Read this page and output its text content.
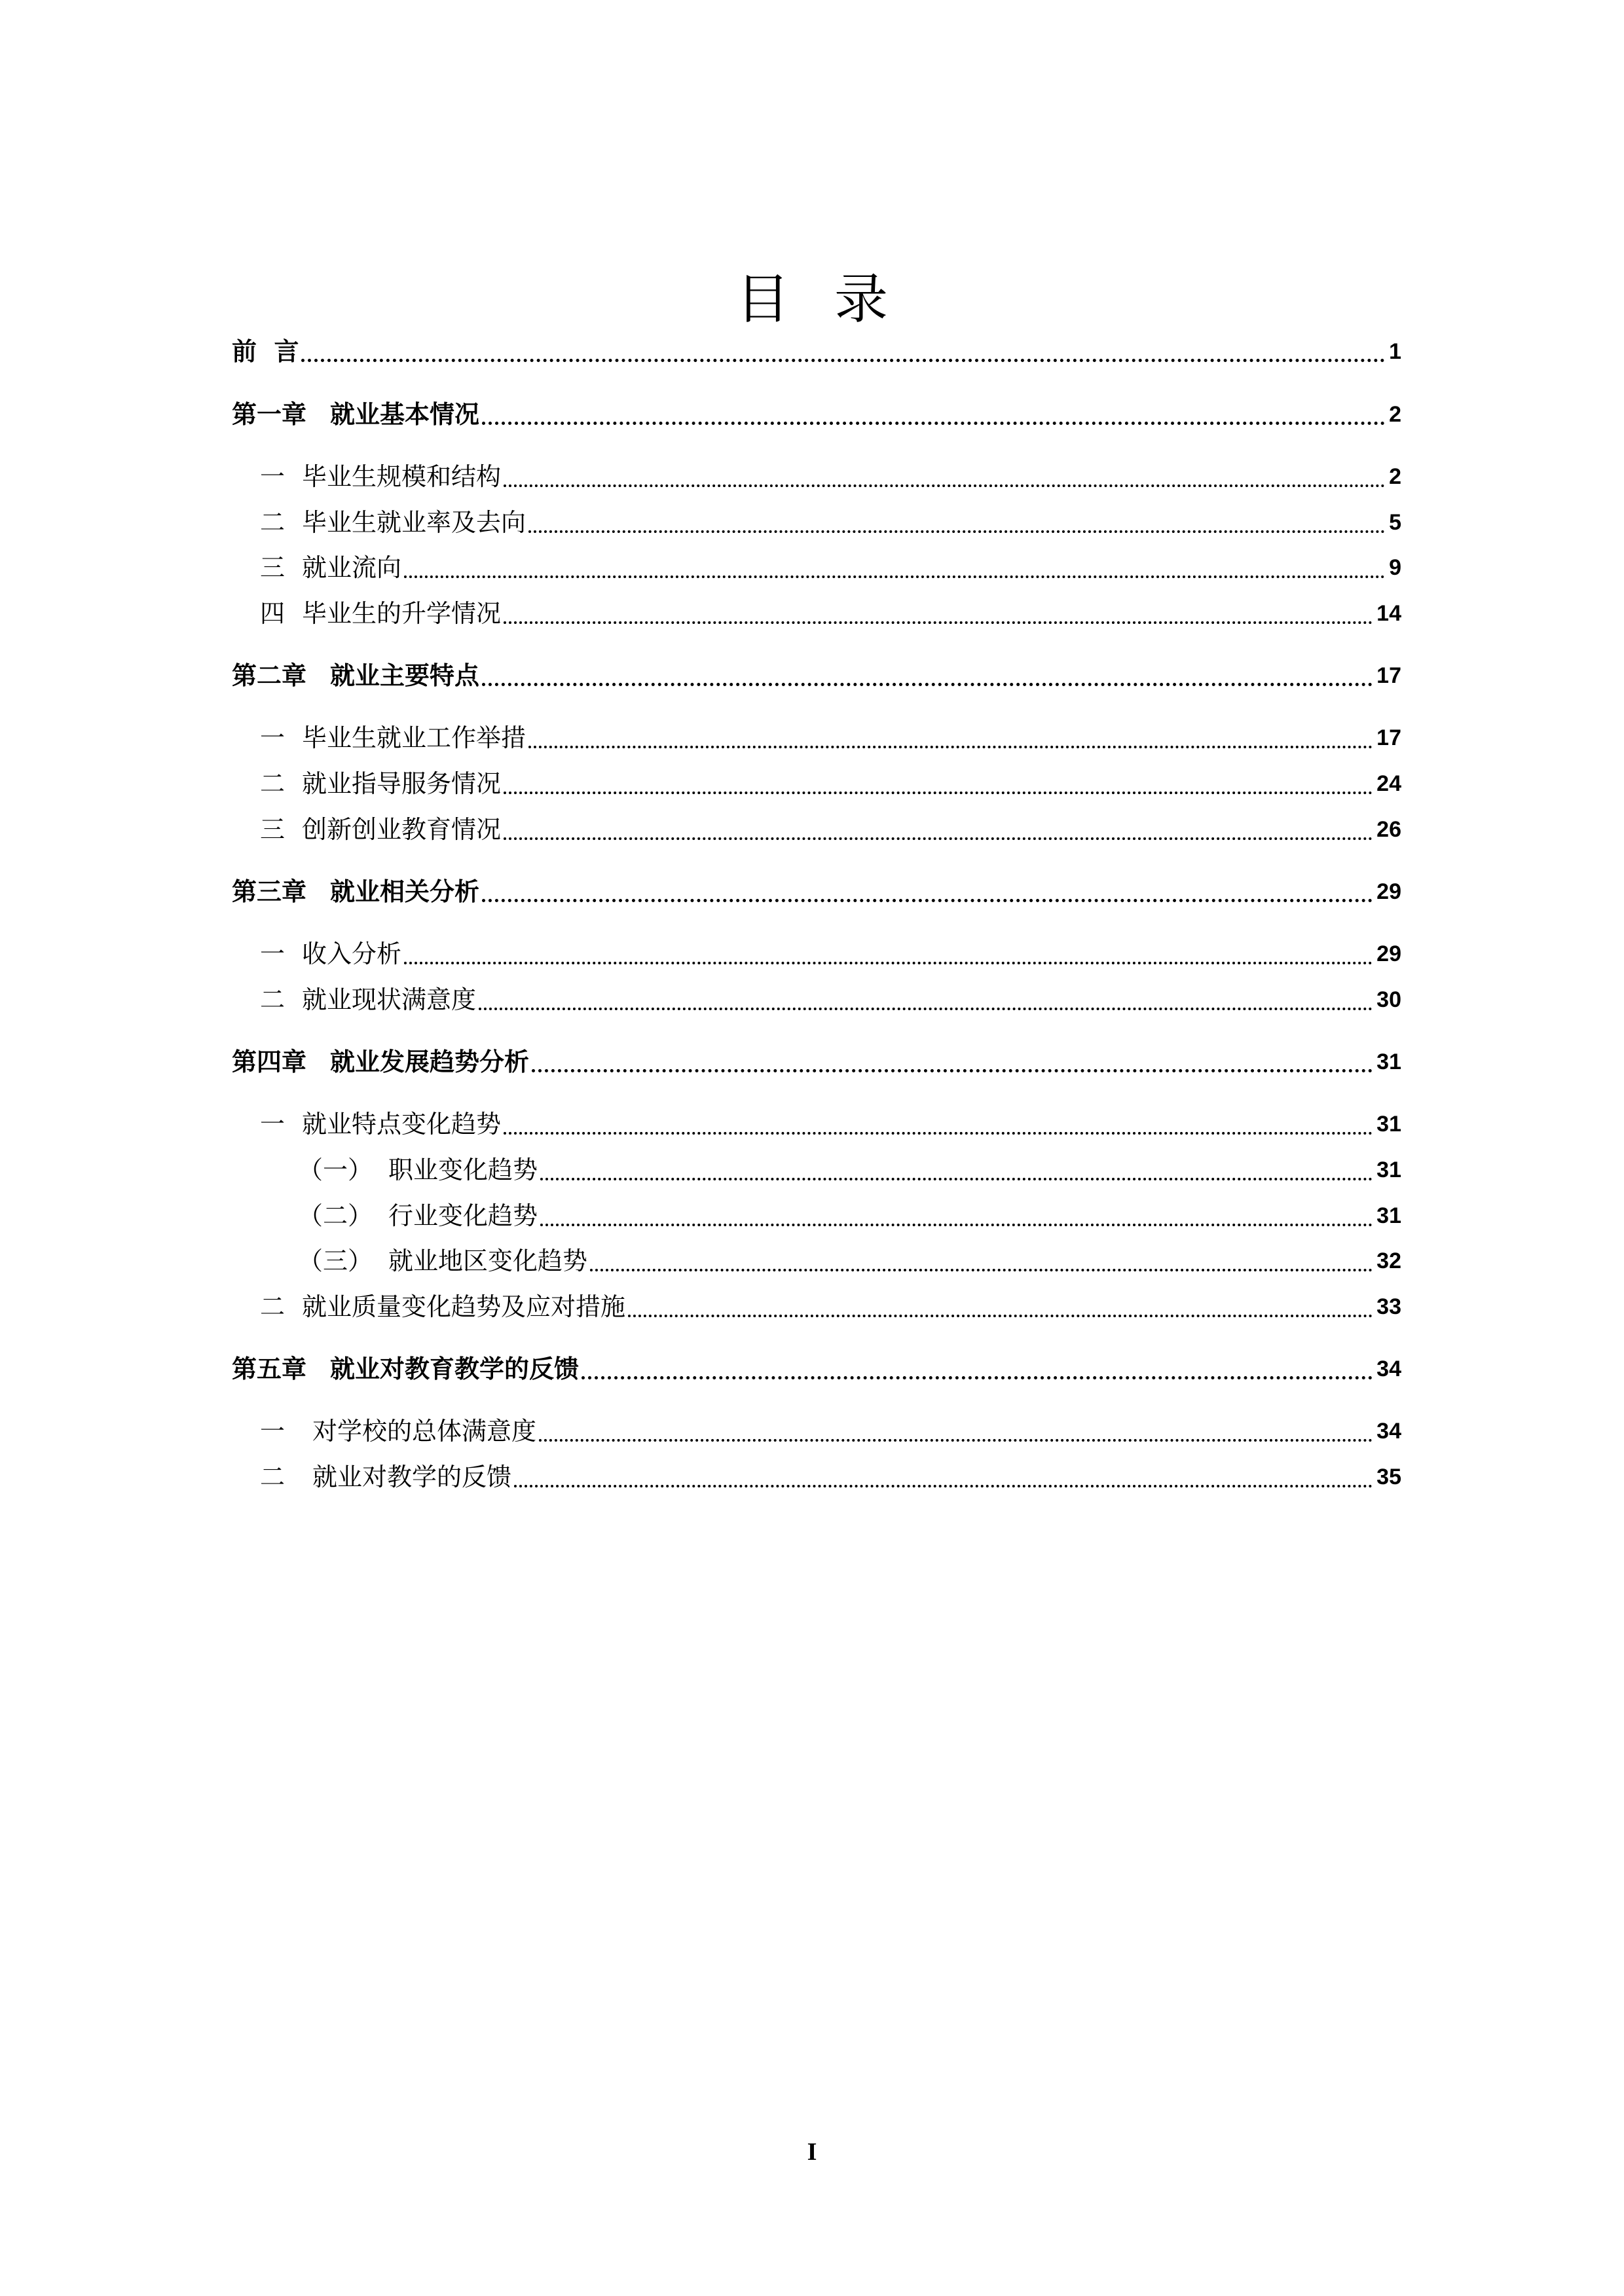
目录
前  言	1
第一章 就业基本情况	2
一 毕业生规模和结构	2
二 毕业生就业率及去向	5
三 就业流向	9
四 毕业生的升学情况	14
第二章 就业主要特点	17
一 毕业生就业工作举措	17
二 就业指导服务情况	24
三 创新创业教育情况	26
第三章 就业相关分析	29
一 收入分析	29
二 就业现状满意度	30
第四章 就业发展趋势分析	31
一 就业特点变化趋势	31
（一） 职业变化趋势	31
（二） 行业变化趋势	31
（三） 就业地区变化趋势	32
二 就业质量变化趋势及应对措施	33
第五章 就业对教育教学的反馈	34
一 对学校的总体满意度	34
二 就业对教学的反馈	35
I
